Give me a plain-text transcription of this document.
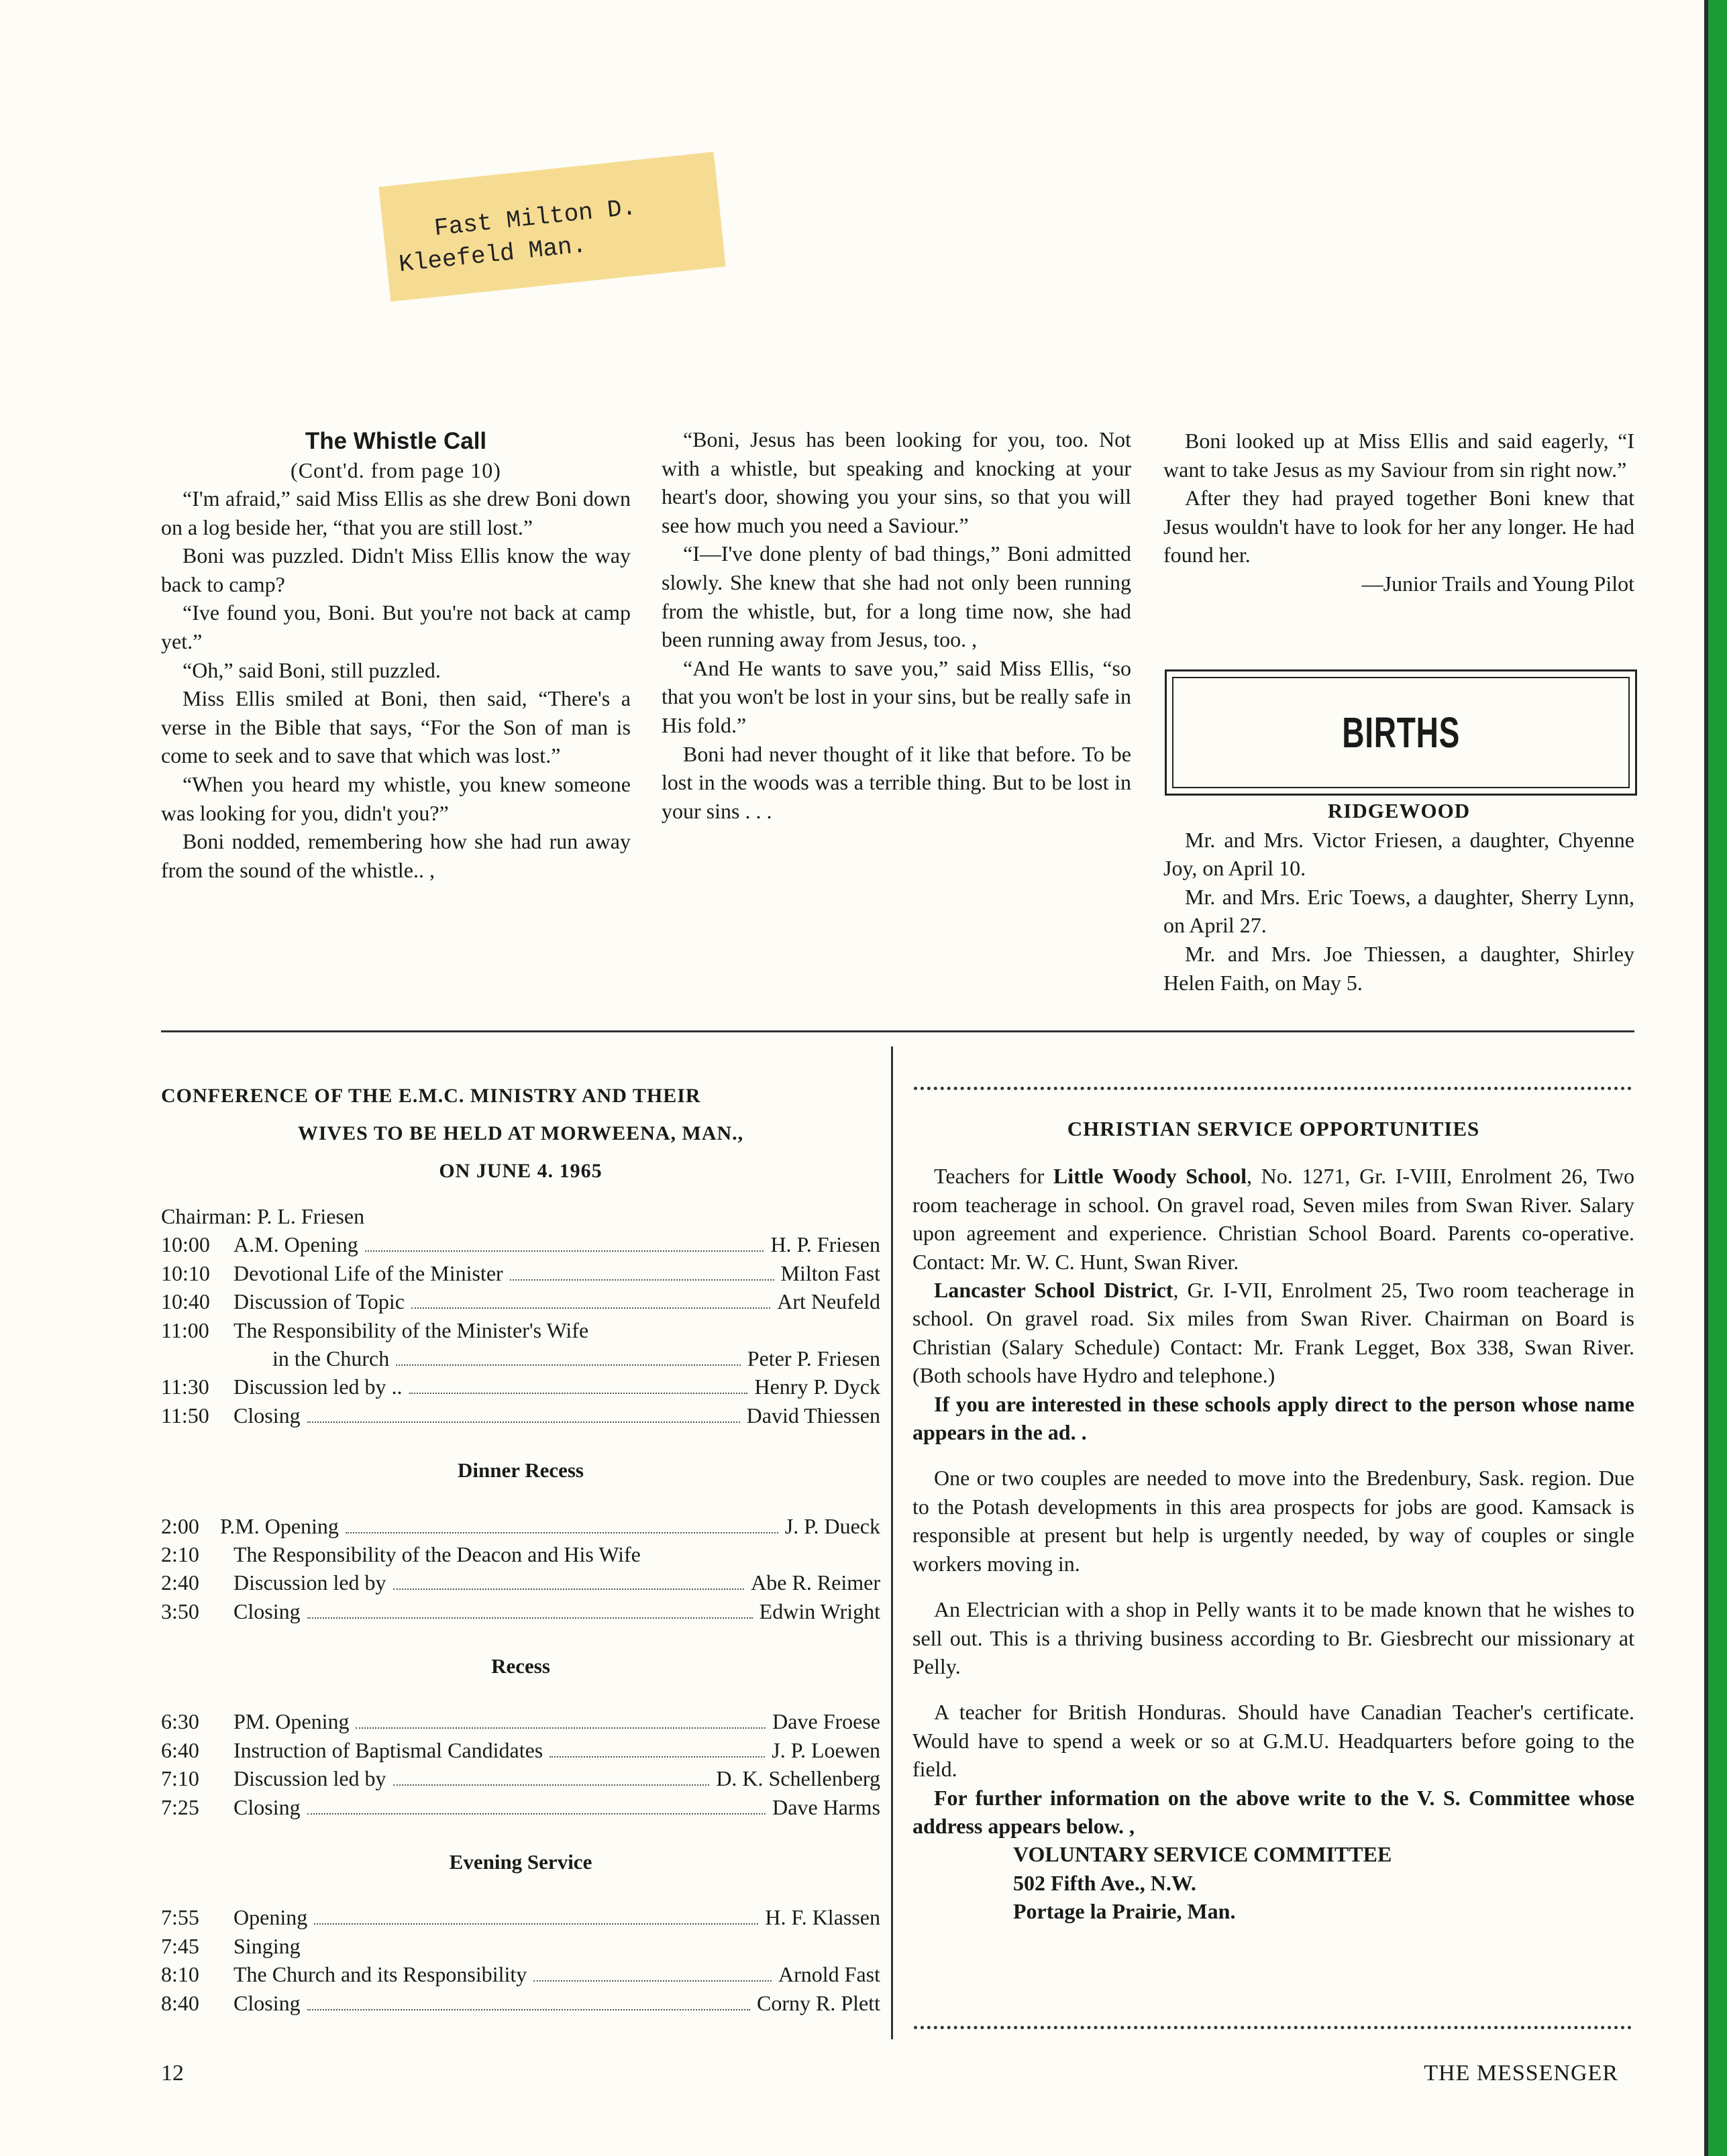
Fast Milton D.
Kleefeld Man.
The Whistle Call
(Cont'd. from page 10)

“I'm afraid,” said Miss Ellis as she drew Boni down on a log beside her, “that you are still lost.”

Boni was puzzled. Didn't Miss Ellis know the way back to camp?

“Ive found you, Boni. But you're not back at camp yet.”

“Oh,” said Boni, still puzzled.

Miss Ellis smiled at Boni, then said, “There's a verse in the Bible that says, “For the Son of man is come to seek and to save that which was lost.”

“When you heard my whistle, you knew someone was looking for you, didn't you?”

Boni nodded, remembering how she had run away from the sound of the whistle.. ,

“Boni, Jesus has been looking for you, too. Not with a whistle, but speaking and knocking at your heart's door, showing you your sins, so that you will see how much you need a Saviour.”

“I—I've done plenty of bad things,” Boni admitted slowly. She knew that she had not only been running from the whistle, but, for a long time now, she had been running away from Jesus, too. ,

“And He wants to save you,” said Miss Ellis, “so that you won't be lost in your sins, but be really safe in His fold.”

Boni had never thought of it like that before. To be lost in the woods was a terrible thing. But to be lost in your sins . . .

Boni looked up at Miss Ellis and said eagerly, “I want to take Jesus as my Saviour from sin right now.”

After they had prayed together Boni knew that Jesus wouldn't have to look for her any longer. He had found her.

—Junior Trails and Young Pilot

BIRTHS
RIDGEWOOD

Mr. and Mrs. Victor Friesen, a daughter, Chyenne Joy, on April 10.

Mr. and Mrs. Eric Toews, a daughter, Sherry Lynn, on April 27.

Mr. and Mrs. Joe Thiessen, a daughter, Shirley Helen Faith, on May 5.

CONFERENCE OF THE E.M.C. MINISTRY AND THEIR
WIVES TO BE HELD AT MORWEENA, MAN.,
ON JUNE 4. 1965
Chairman: P. L. Friesen
10:00	A.M. Opening	H. P. Friesen
10:10	Devotional Life of the Minister	Milton Fast
10:40	Discussion of Topic	Art Neufeld
11:00	The Responsibility of the Minister's Wife
in the Church	Peter P. Friesen
11:30	Discussion led by ..	Henry P. Dyck
11:50	Closing	David Thiessen
Dinner Recess
2:00 P.M. Opening	J. P. Dueck
2:10	The Responsibility of the Deacon and His Wife
2:40	Discussion led by	Abe R. Reimer
3:50	Closing	Edwin Wright
Recess
6:30	PM. Opening	Dave Froese
6:40	Instruction of Baptismal Candidates	J. P. Loewen
7:10	Discussion led by	D. K. Schellenberg
7:25	Closing	Dave Harms
Evening Service
7:55	Opening	H. F. Klassen
7:45	Singing
8:10	The Church and its Responsibility	Arnold Fast
8:40	Closing	Corny R. Plett
CHRISTIAN SERVICE OPPORTUNITIES

Teachers for Little Woody School, No. 1271, Gr. I-VIII, Enrolment 26, Two room teacherage in school. On gravel road, Seven miles from Swan River. Salary upon agreement and experience. Christian School Board. Parents co-operative. Contact: Mr. W. C. Hunt, Swan River.

Lancaster School District, Gr. I-VII, Enrolment 25, Two room teacherage in school. On gravel road. Six miles from Swan River. Chairman on Board is Christian (Salary Schedule) Contact: Mr. Frank Legget, Box 338, Swan River. (Both schools have Hydro and telephone.)

If you are interested in these schools apply direct to the person whose name appears in the ad. .

One or two couples are needed to move into the Bredenbury, Sask. region. Due to the Potash developments in this area prospects for jobs are good. Kamsack is responsible at present but help is urgently needed, by way of couples or single workers moving in.

An Electrician with a shop in Pelly wants it to be made known that he wishes to sell out. This is a thriving business according to Br. Giesbrecht our missionary at Pelly.

A teacher for British Honduras. Should have Canadian Teacher's certificate. Would have to spend a week or so at G.M.U. Headquarters before going to the field.

For further information on the above write to the V. S. Committee whose address appears below. ,

VOLUNTARY SERVICE COMMITTEE
502 Fifth Ave., N.W.
Portage la Prairie, Man.
12	THE MESSENGER
